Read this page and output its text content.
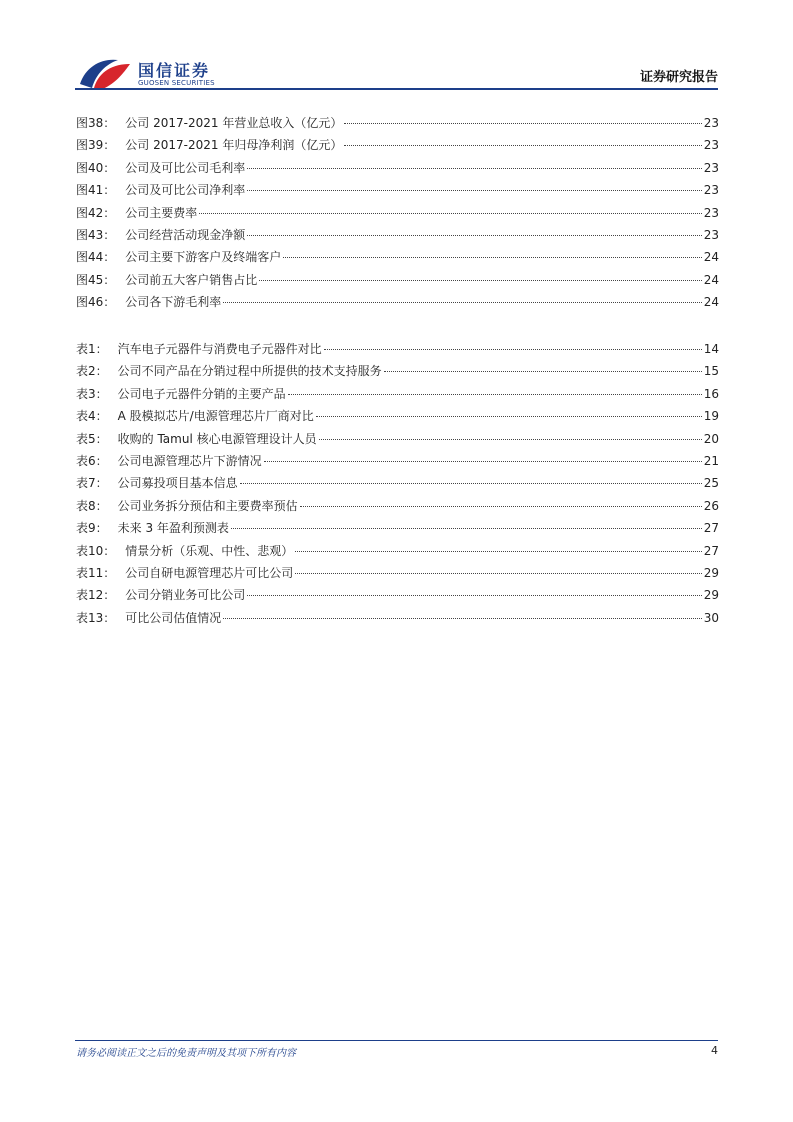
国信证券
GUOSEN SECURITIES	证券研究报告
图38： 公司 2017-2021 年营业总收入（亿元）	23
图39： 公司 2017-2021 年归母净利润（亿元）	23
图40： 公司及可比公司毛利率	23
图41： 公司及可比公司净利率	23
图42： 公司主要费率	23
图43： 公司经营活动现金净额	23
图44： 公司主要下游客户及终端客户	24
图45： 公司前五大客户销售占比	24
图46： 公司各下游毛利率	24
表1： 汽车电子元器件与消费电子元器件对比	14
表2： 公司不同产品在分销过程中所提供的技术支持服务	15
表3： 公司电子元器件分销的主要产品	16
表4： A 股模拟芯片/电源管理芯片厂商对比	19
表5： 收购的 Tamul 核心电源管理设计人员	20
表6： 公司电源管理芯片下游情况	21
表7： 公司募投项目基本信息	25
表8： 公司业务拆分预估和主要费率预估	26
表9： 未来 3 年盈利预测表	27
表10： 情景分析（乐观、中性、悲观）	27
表11： 公司自研电源管理芯片可比公司	29
表12： 公司分销业务可比公司	29
表13： 可比公司估值情况	30
请务必阅读正文之后的免责声明及其项下所有内容	4
